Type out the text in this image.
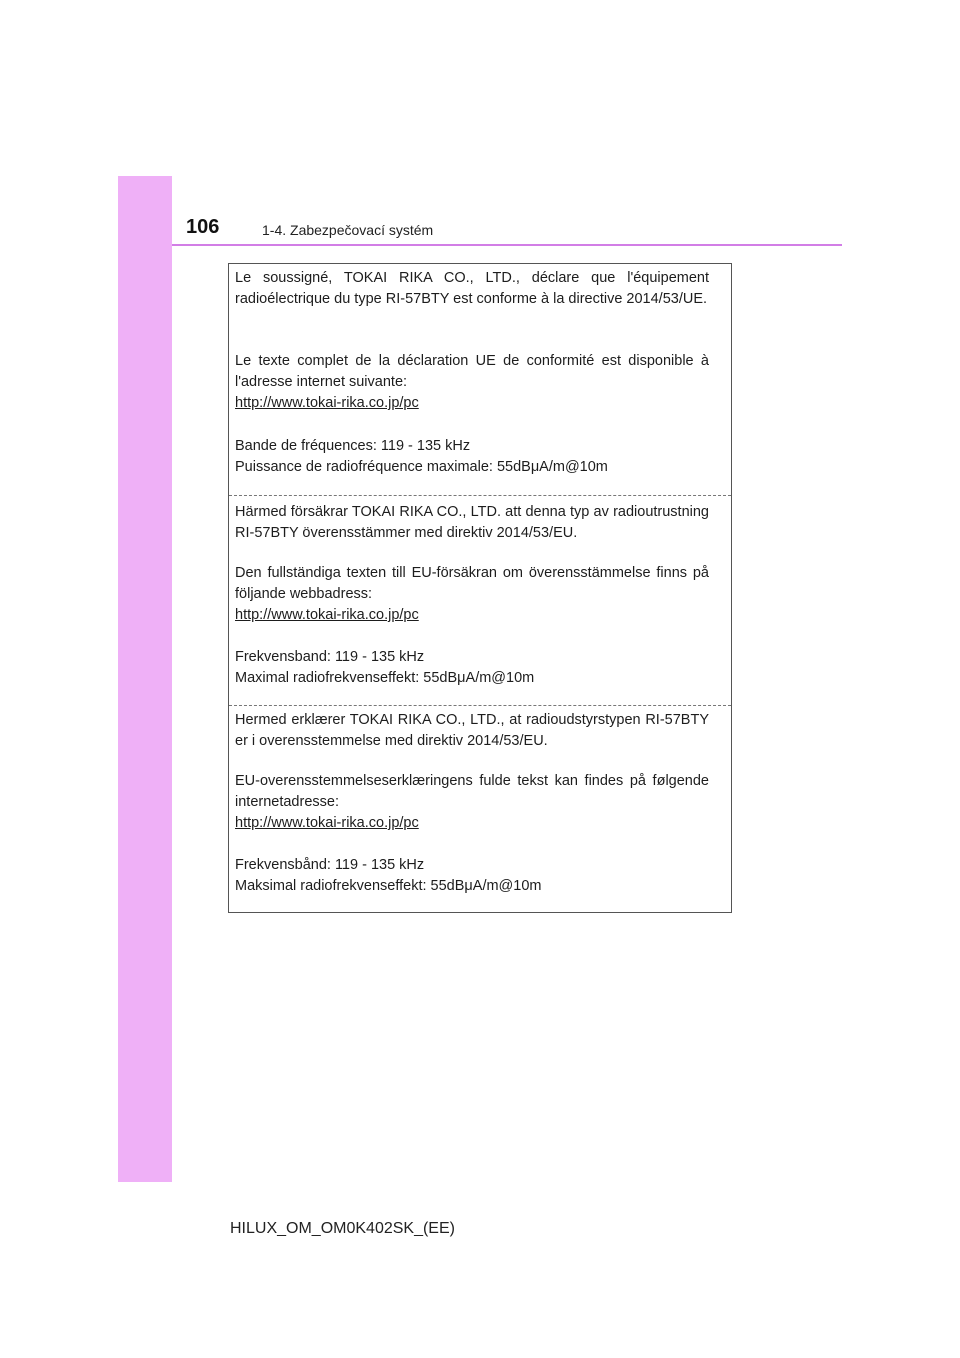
106	1-4. Zabezpečovací systém
Le soussigné, TOKAI RIKA CO., LTD., déclare que l'équipement radioélectrique du type RI-57BTY est conforme à la directive 2014/53/UE.
Le texte complet de la déclaration UE de conformité est disponible à l'adresse internet suivante:
http://www.tokai-rika.co.jp/pc
Bande de fréquences: 119 - 135 kHz
Puissance de radiofréquence maximale: 55dBμA/m@10m
Härmed försäkrar TOKAI RIKA CO., LTD. att denna typ av radioutrustning RI-57BTY överensstämmer med direktiv 2014/53/EU.
Den fullständiga texten till EU-försäkran om överensstämmelse finns på följande webbadress:
http://www.tokai-rika.co.jp/pc
Frekvensband: 119 - 135 kHz
Maximal radiofrekvenseffekt: 55dBμA/m@10m
Hermed erklærer TOKAI RIKA CO., LTD., at radioudstyrstypen RI-57BTY er i overensstemmelse med direktiv 2014/53/EU.
EU-overensstemmelseserklæringens fulde tekst kan findes på følgende internetadresse:
http://www.tokai-rika.co.jp/pc
Frekvensbånd: 119 - 135 kHz
Maksimal radiofrekvenseffekt: 55dBμA/m@10m
HILUX_OM_OM0K402SK_(EE)
